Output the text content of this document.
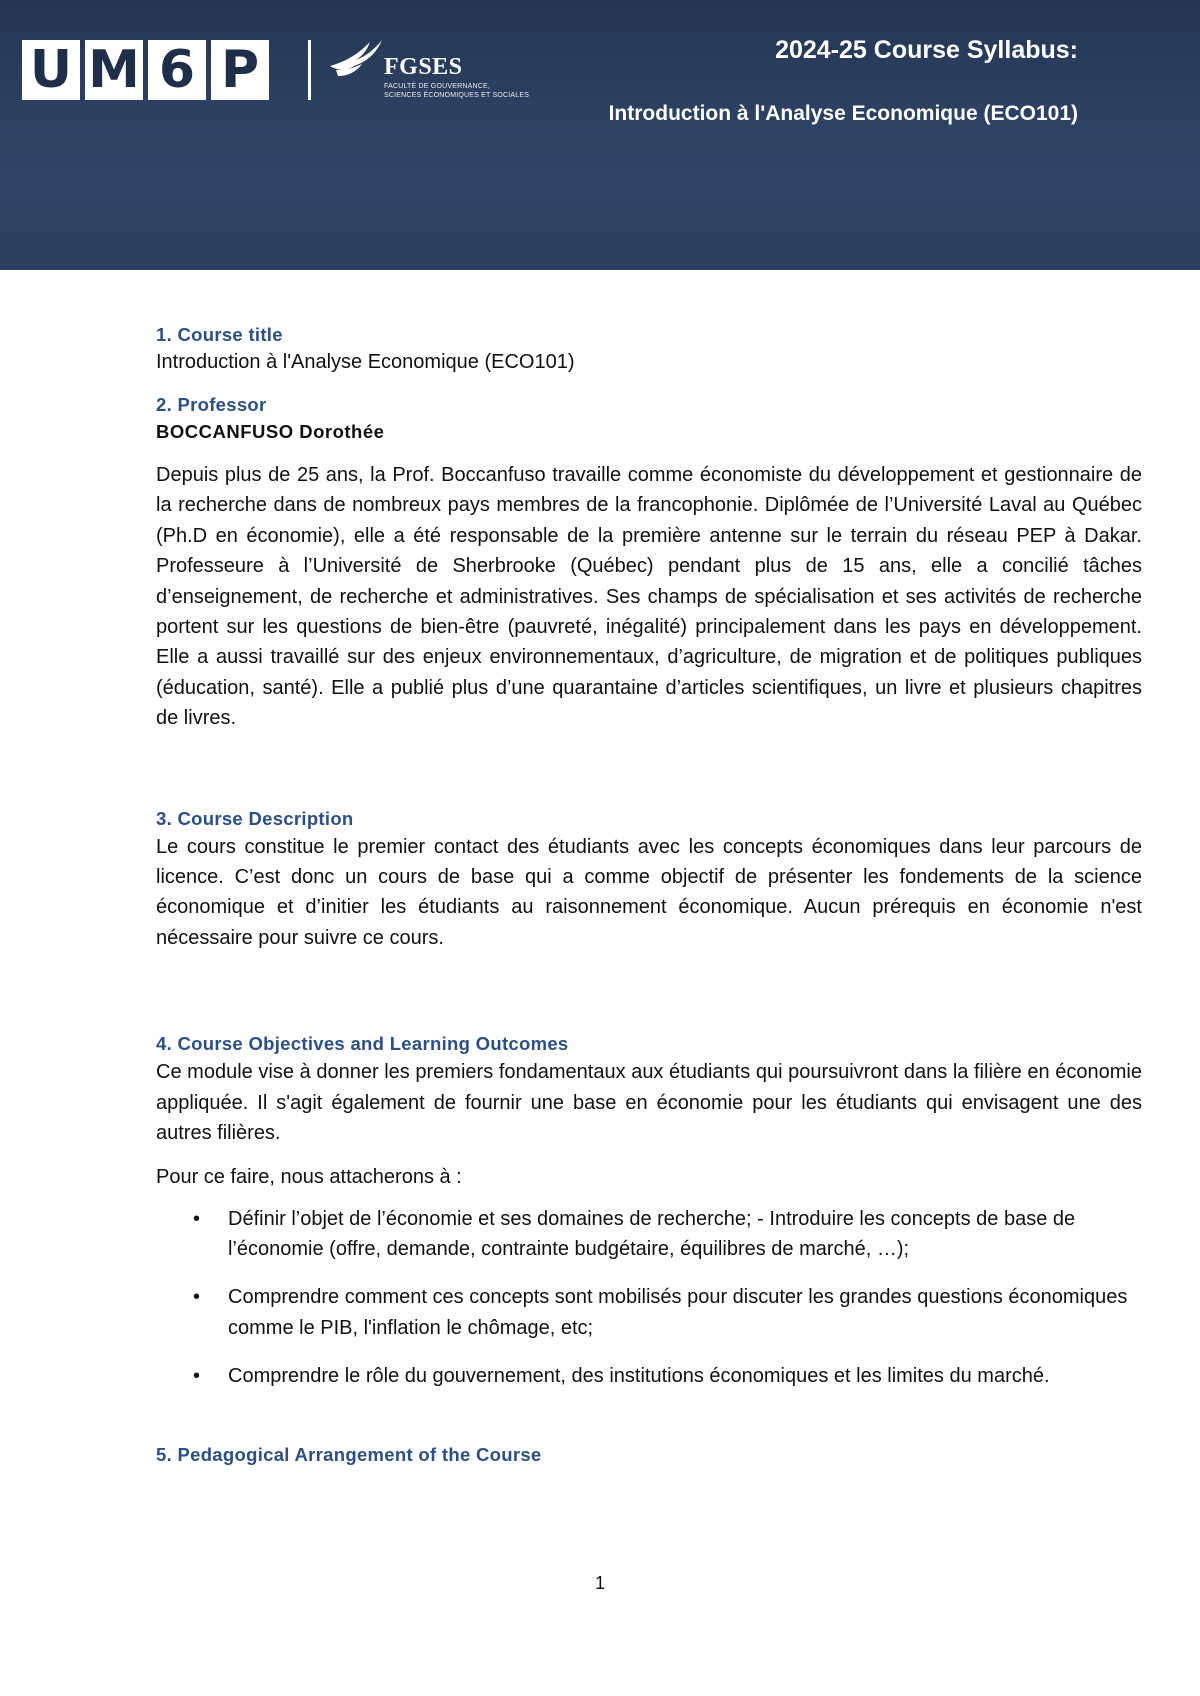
U M 6 P	FGSES
FACULTÉ DE GOUVERNANCE,
SCIENCES ÉCONOMIQUES ET SOCIALES
2024-25 Course Syllabus:
Introduction à l'Analyse Economique (ECO101)

1. Course title

Introduction à l'Analyse Economique (ECO101)

2. Professor

BOCCANFUSO Dorothée

Depuis plus de 25 ans, la Prof. Boccanfuso travaille comme économiste du développement et gestionnaire de la recherche dans de nombreux pays membres de la francophonie. Diplômée de l’Université Laval au Québec (Ph.D en économie), elle a été responsable de la première antenne sur le terrain du réseau PEP à Dakar. Professeure à l’Université de Sherbrooke (Québec) pendant plus de 15 ans, elle a concilié tâches d’enseignement, de recherche et administratives. Ses champs de spécialisation et ses activités de recherche portent sur les questions de bien-être (pauvreté, inégalité) principalement dans les pays en développement. Elle a aussi travaillé sur des enjeux environnementaux, d’agriculture, de migration et de politiques publiques (éducation, santé). Elle a publié plus d’une quarantaine d’articles scientifiques, un livre et plusieurs chapitres de livres.

3. Course Description

Le cours constitue le premier contact des étudiants avec les concepts économiques dans leur parcours de licence. C’est donc un cours de base qui a comme objectif de présenter les fondements de la science économique et d’initier les étudiants au raisonnement économique. Aucun prérequis en économie n'est nécessaire pour suivre ce cours.

4. Course Objectives and Learning Outcomes

Ce module vise à donner les premiers fondamentaux aux étudiants qui poursuivront dans la filière en économie appliquée. Il s'agit également de fournir une base en économie pour les étudiants qui envisagent une des autres filières.

Pour ce faire, nous attacherons à :

• Définir l’objet de l’économie et ses domaines de recherche; - Introduire les concepts de base de l’économie (offre, demande, contrainte budgétaire, équilibres de marché, …);
• Comprendre comment ces concepts sont mobilisés pour discuter les grandes questions économiques comme le PIB, l'inflation le chômage, etc;
• Comprendre le rôle du gouvernement, des institutions économiques et les limites du marché.

5. Pedagogical Arrangement of the Course

1
